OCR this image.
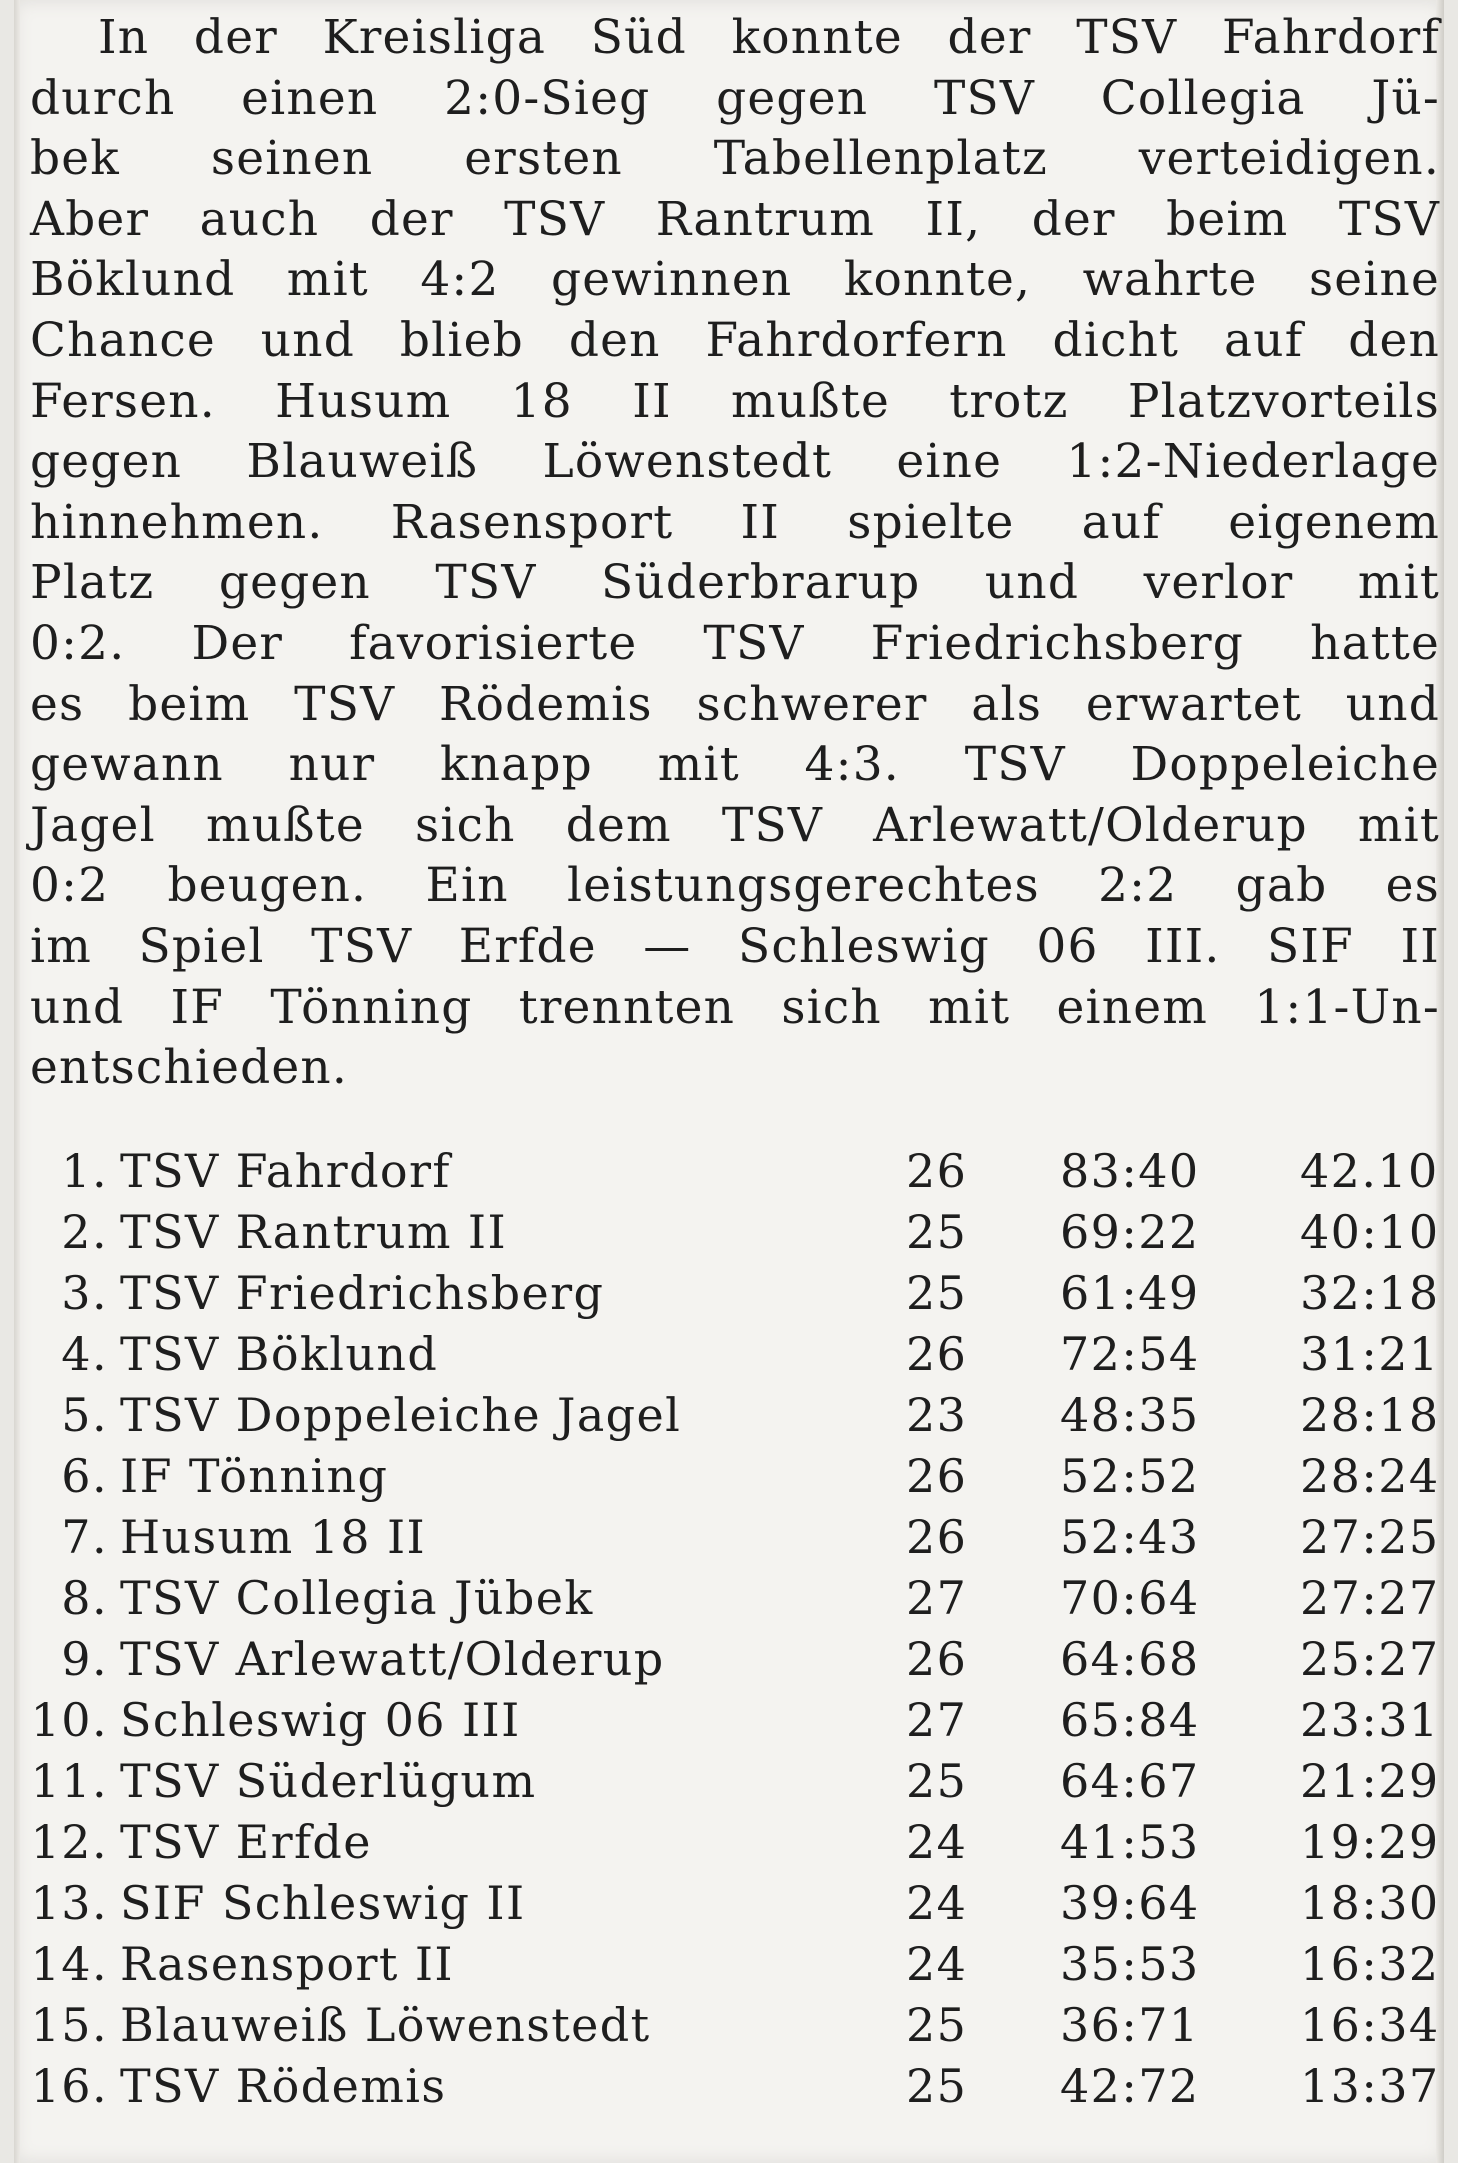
In der Kreisliga Süd konnte der TSV Fahrdorf
durch einen 2:0-Sieg gegen TSV Collegia Jü-
bek seinen ersten Tabellenplatz verteidigen.
Aber auch der TSV Rantrum II, der beim TSV
Böklund mit 4:2 gewinnen konnte, wahrte seine
Chance und blieb den Fahrdorfern dicht auf den
Fersen. Husum 18 II mußte trotz Platzvorteils
gegen Blauweiß Löwenstedt eine 1:2-Niederlage
hinnehmen. Rasensport II spielte auf eigenem
Platz gegen TSV Süderbrarup und verlor mit
0:2. Der favorisierte TSV Friedrichsberg hatte
es beim TSV Rödemis schwerer als erwartet und
gewann nur knapp mit 4:3. TSV Doppeleiche
Jagel mußte sich dem TSV Arlewatt/Olderup mit
0:2 beugen. Ein leistungsgerechtes 2:2 gab es
im Spiel TSV Erfde — Schleswig 06 III. SIF II
und IF Tönning trennten sich mit einem 1:1-Un-
entschieden.

1. TSV Fahrdorf	26 83:40 42.10
2. TSV Rantrum II	25 69:22 40:10
3. TSV Friedrichsberg	25 61:49 32:18
4. TSV Böklund	26 72:54 31:21
5. TSV Doppeleiche Jagel	23 48:35 28:18
6. IF Tönning	26 52:52 28:24
7. Husum 18 II	26 52:43 27:25
8. TSV Collegia Jübek	27 70:64 27:27
9. TSV Arlewatt/Olderup	26 64:68 25:27
10. Schleswig 06 III	27 65:84 23:31
11. TSV Süderlügum	25 64:67 21:29
12. TSV Erfde	24 41:53 19:29
13. SIF Schleswig II	24 39:64 18:30
14. Rasensport II	24 35:53 16:32
15. Blauweiß Löwenstedt	25 36:71 16:34
16. TSV Rödemis	25 42:72 13:37
